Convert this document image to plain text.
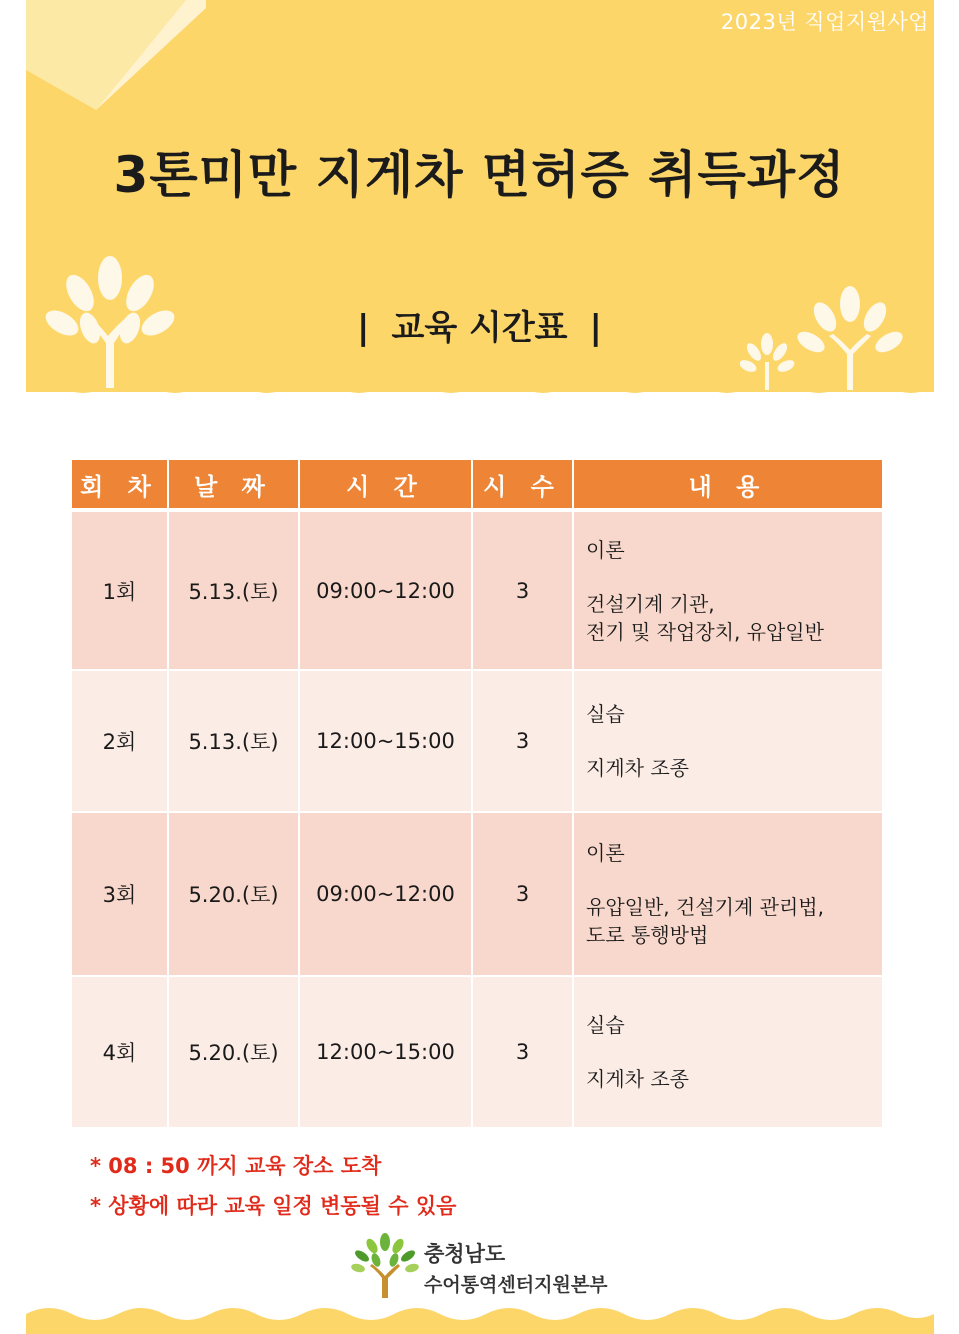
2023년 직업지원사업
3톤미만 지게차 면허증 취득과정
| 교육 시간표 |
회 차	날 짜	시 간	시 수	내 용
1회	5.13.(토)	09:00~12:00	3	이론
건설기계 기관,
전기 및 작업장치, 유압일반

2회	5.13.(토)	12:00~15:00	3	실습
지게차 조종

3회	5.20.(토)	09:00~12:00	3	이론
유압일반, 건설기계 관리법,
도로 통행방법

4회	5.20.(토)	12:00~15:00	3	실습
지게차 조종
* 08 : 50 까지 교육 장소 도착
* 상황에 따라 교육 일정 변동될 수 있음
충청남도
수어통역센터지원본부
